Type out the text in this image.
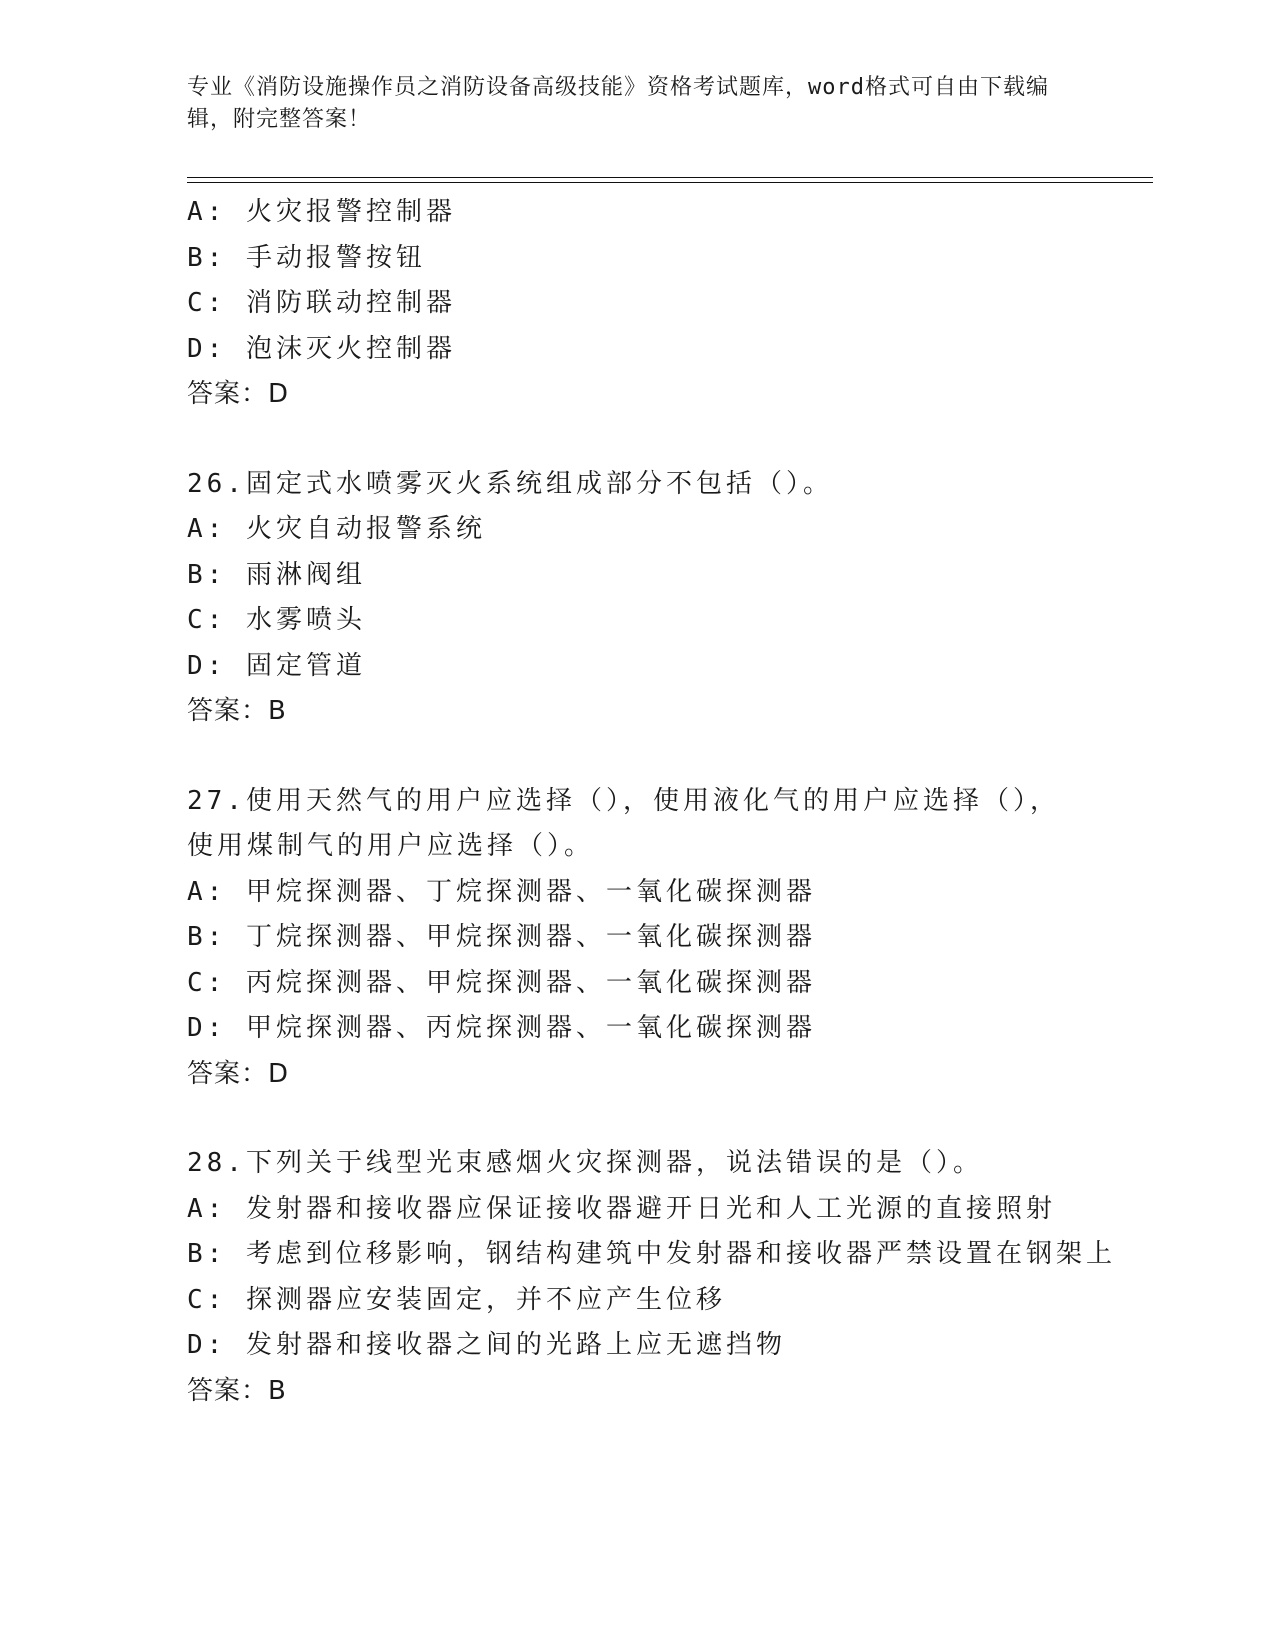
专业《消防设施操作员之消防设备高级技能》资格考试题库，word格式可自由下载编辑，附完整答案！
A: 火灾报警控制器
B: 手动报警按钮
C: 消防联动控制器
D: 泡沫灭火控制器
答案：D
26.固定式水喷雾灭火系统组成部分不包括（）。
A: 火灾自动报警系统
B: 雨淋阀组
C: 水雾喷头
D: 固定管道
答案：B
27.使用天然气的用户应选择（），使用液化气的用户应选择（），使用煤制气的用户应选择（）。
A: 甲烷探测器、丁烷探测器、一氧化碳探测器
B: 丁烷探测器、甲烷探测器、一氧化碳探测器
C: 丙烷探测器、甲烷探测器、一氧化碳探测器
D: 甲烷探测器、丙烷探测器、一氧化碳探测器
答案：D
28.下列关于线型光束感烟火灾探测器，说法错误的是（）。
A: 发射器和接收器应保证接收器避开日光和人工光源的直接照射
B: 考虑到位移影响，钢结构建筑中发射器和接收器严禁设置在钢架上
C: 探测器应安装固定，并不应产生位移
D: 发射器和接收器之间的光路上应无遮挡物
答案：B
